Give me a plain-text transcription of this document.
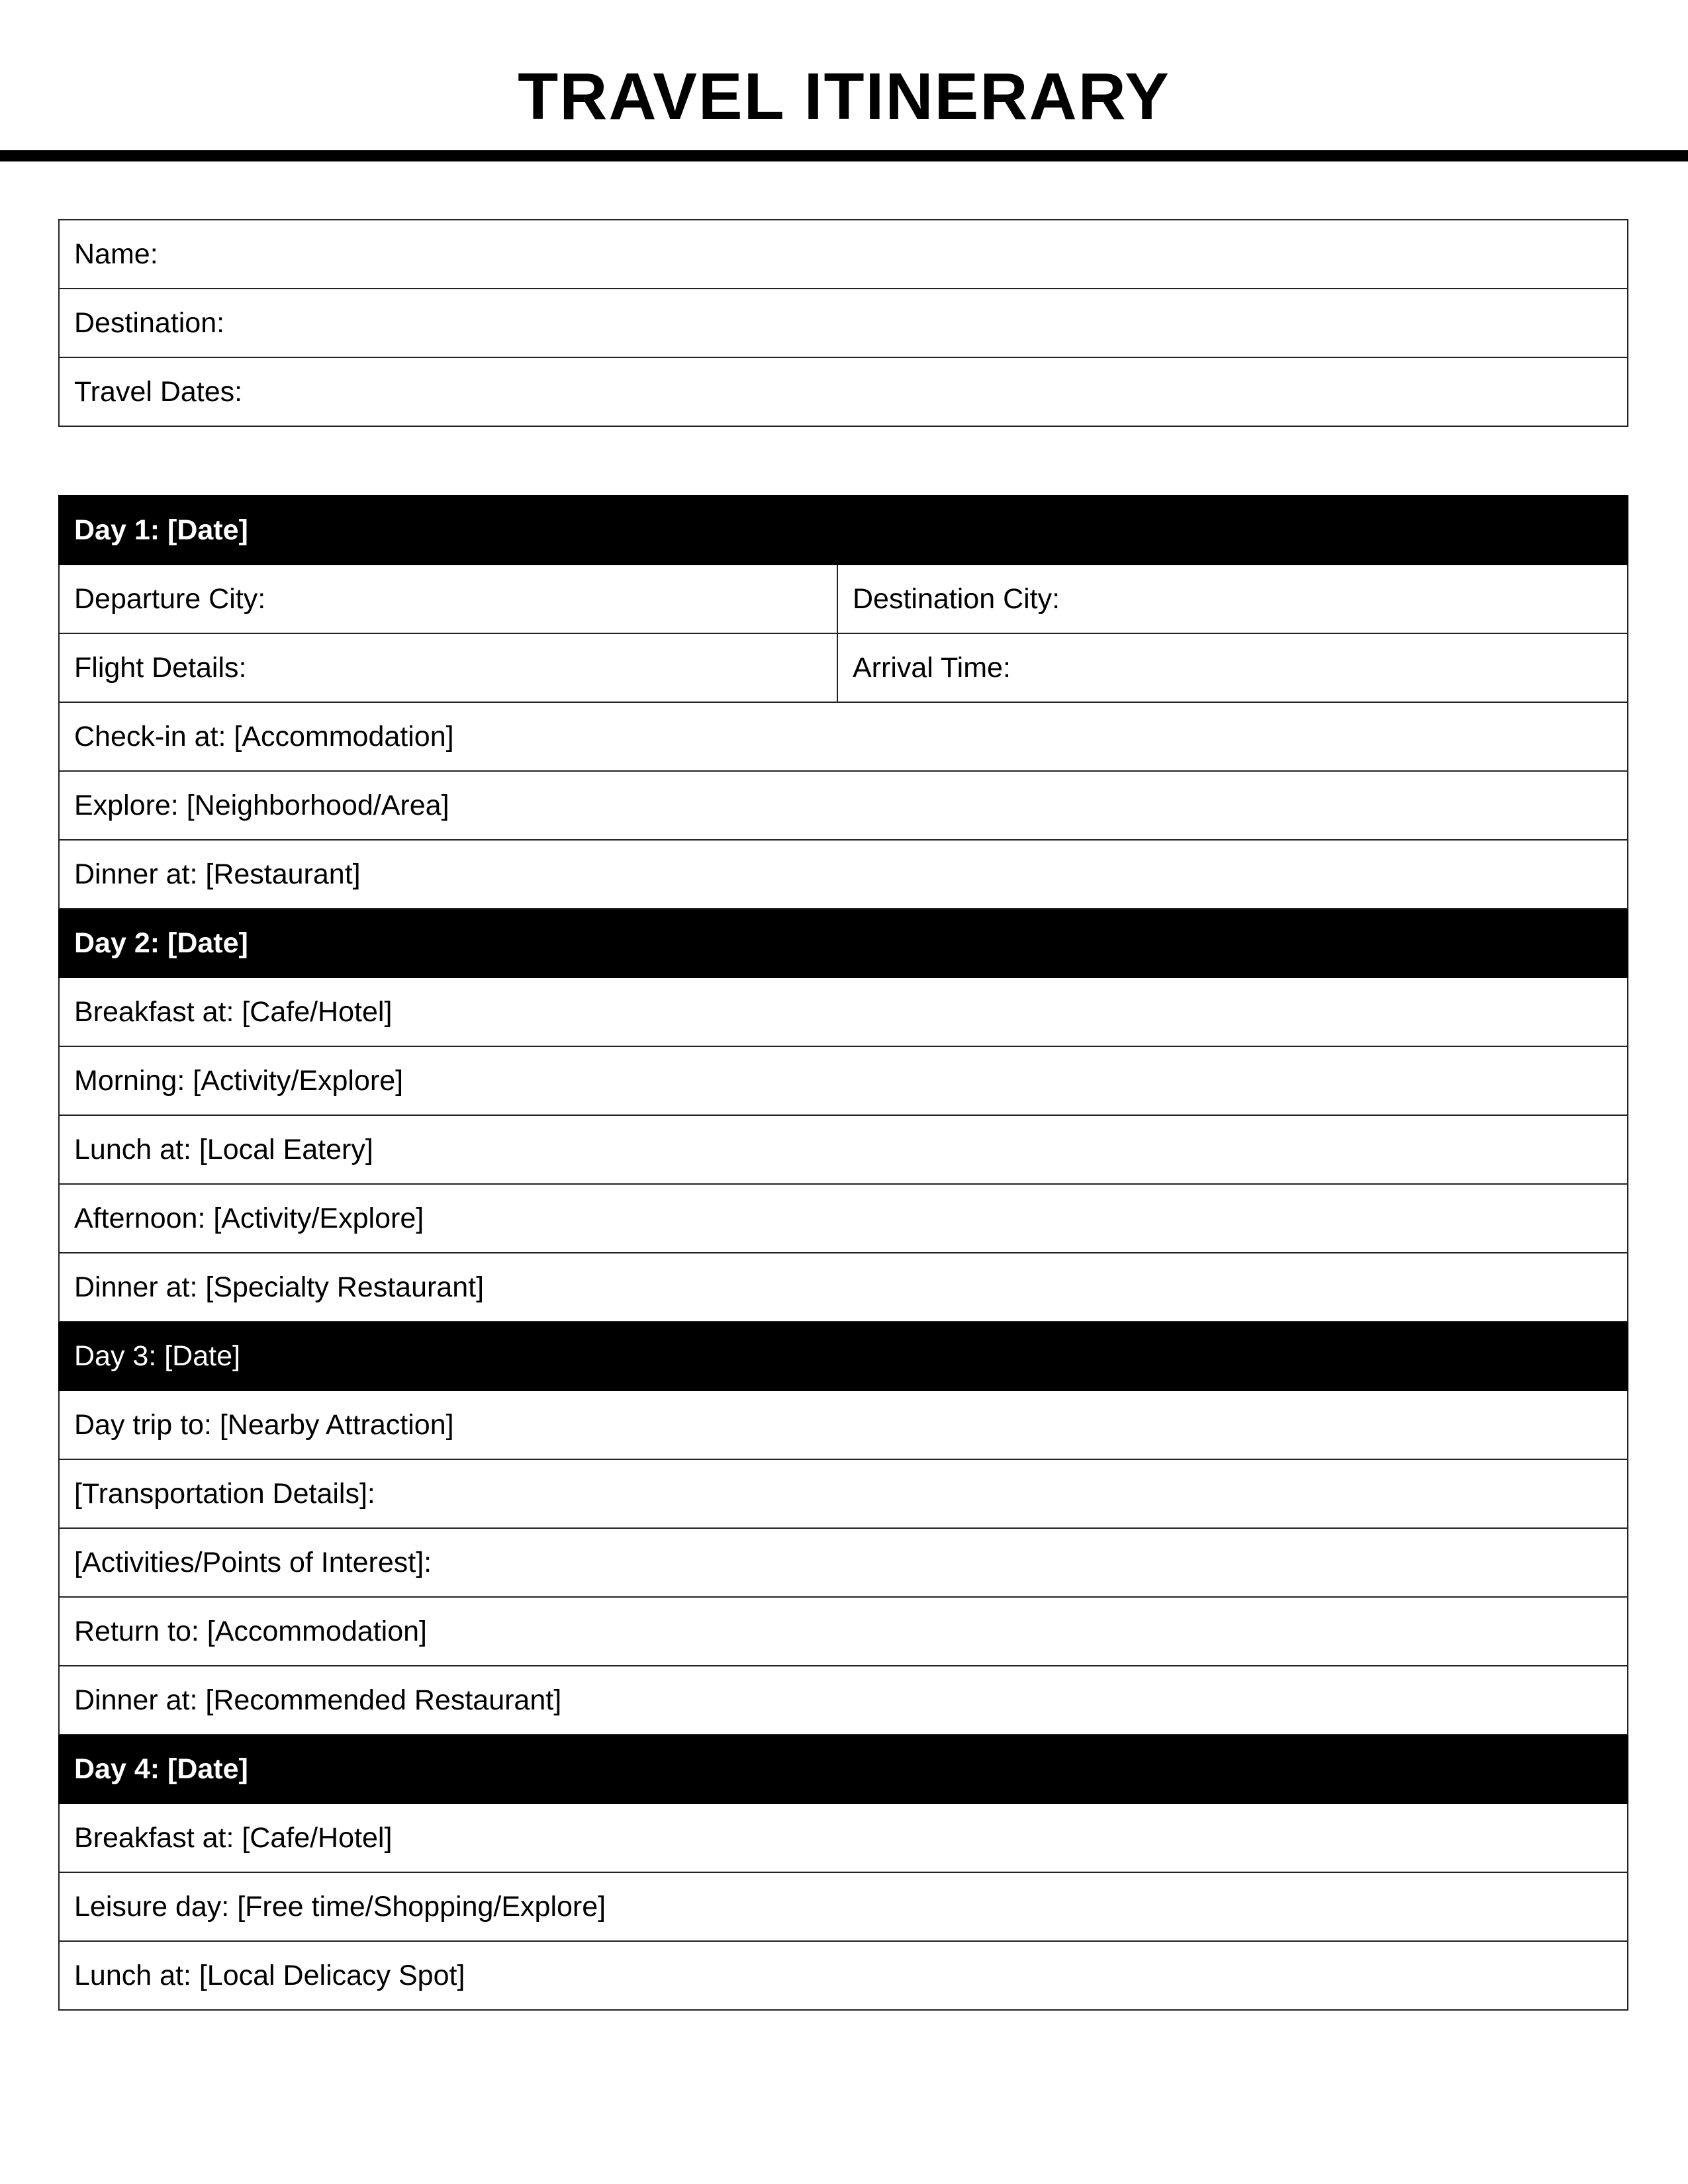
TRAVEL ITINERARY
Name:
Destination:
Travel Dates:
Day 1: [Date]	
Departure City:	Destination City:
Flight Details:	Arrival Time:
Check-in at: [Accommodation]	
Explore: [Neighborhood/Area]	
Dinner at: [Restaurant]	
Day 2: [Date]	
Breakfast at: [Cafe/Hotel]	
Morning: [Activity/Explore]	
Lunch at: [Local Eatery]	
Afternoon: [Activity/Explore]	
Dinner at: [Specialty Restaurant]	
Day 3: [Date]	
Day trip to: [Nearby Attraction]	
[Transportation Details]:	
[Activities/Points of Interest]:	
Return to: [Accommodation]	
Dinner at: [Recommended Restaurant]	
Day 4: [Date]	
Breakfast at: [Cafe/Hotel]	
Leisure day: [Free time/Shopping/Explore]	
Lunch at: [Local Delicacy Spot]	
